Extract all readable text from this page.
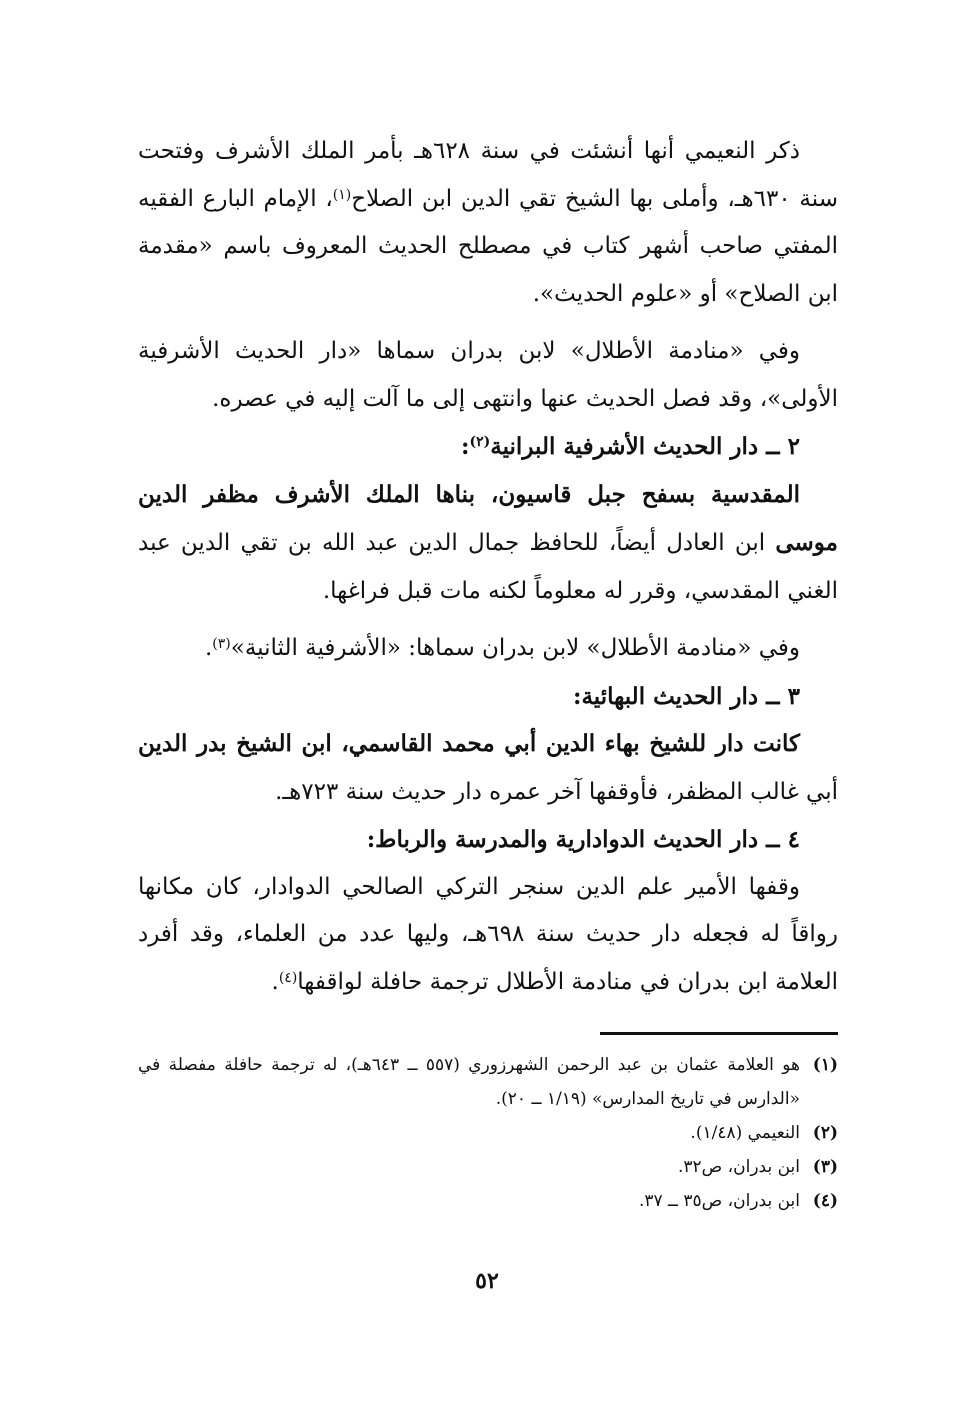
ذكر النعيمي أنها أنشئت في سنة ٦٢٨هـ بأمر الملك الأشرف وفتحت سنة ٦٣٠هـ، وأملى بها الشيخ تقي الدين ابن الصلاح$^{(١)}$، الإمام البارع الفقيه المفتي صاحب أشهر كتاب في مصطلح الحديث المعروف باسم «مقدمة ابن الصلاح» أو «علوم الحديث».

وفي «منادمة الأطلال» لابن بدران سماها «دار الحديث الأشرفية الأولى»، وقد فصل الحديث عنها وانتهى إلى ما آلت إليه في عصره.

٢ ــ دار الحديث الأشرفية البرانية$^{(٢)}$:

المقدسية بسفح جبل قاسيون، بناها الملك الأشرف مظفر الدين موسى ابن العادل أيضاً، للحافظ جمال الدين عبد الله بن تقي الدين عبد الغني المقدسي، وقرر له معلوماً لكنه مات قبل فراغها.

وفي «منادمة الأطلال» لابن بدران سماها: «الأشرفية الثانية»$^{(٣)}$.

٣ ــ دار الحديث البهائية:

كانت دار للشيخ بهاء الدين أبي محمد القاسمي، ابن الشيخ بدر الدين أبي غالب المظفر، فأوقفها آخر عمره دار حديث سنة ٧٢٣هـ.

٤ ــ دار الحديث الدوادارية والمدرسة والرباط:

وقفها الأمير علم الدين سنجر التركي الصالحي الدوادار، كان مكانها رواقاً له فجعله دار حديث سنة ٦٩٨هـ، وليها عدد من العلماء، وقد أفرد العلامة ابن بدران في منادمة الأطلال ترجمة حافلة لواقفها$^{(٤)}$.

(١)
هو العلامة عثمان بن عبد الرحمن الشهرزوري (٥٥٧ ــ ٦٤٣هـ)، له ترجمة حافلة مفصلة في «الدارس في تاريخ المدارس» (١/١٩ ــ ٢٠).

(٢)
النعيمي (١/٤٨).

(٣)
ابن بدران، ص٣٢.

(٤)
ابن بدران، ص٣٥ ــ ٣٧.

٥٢
